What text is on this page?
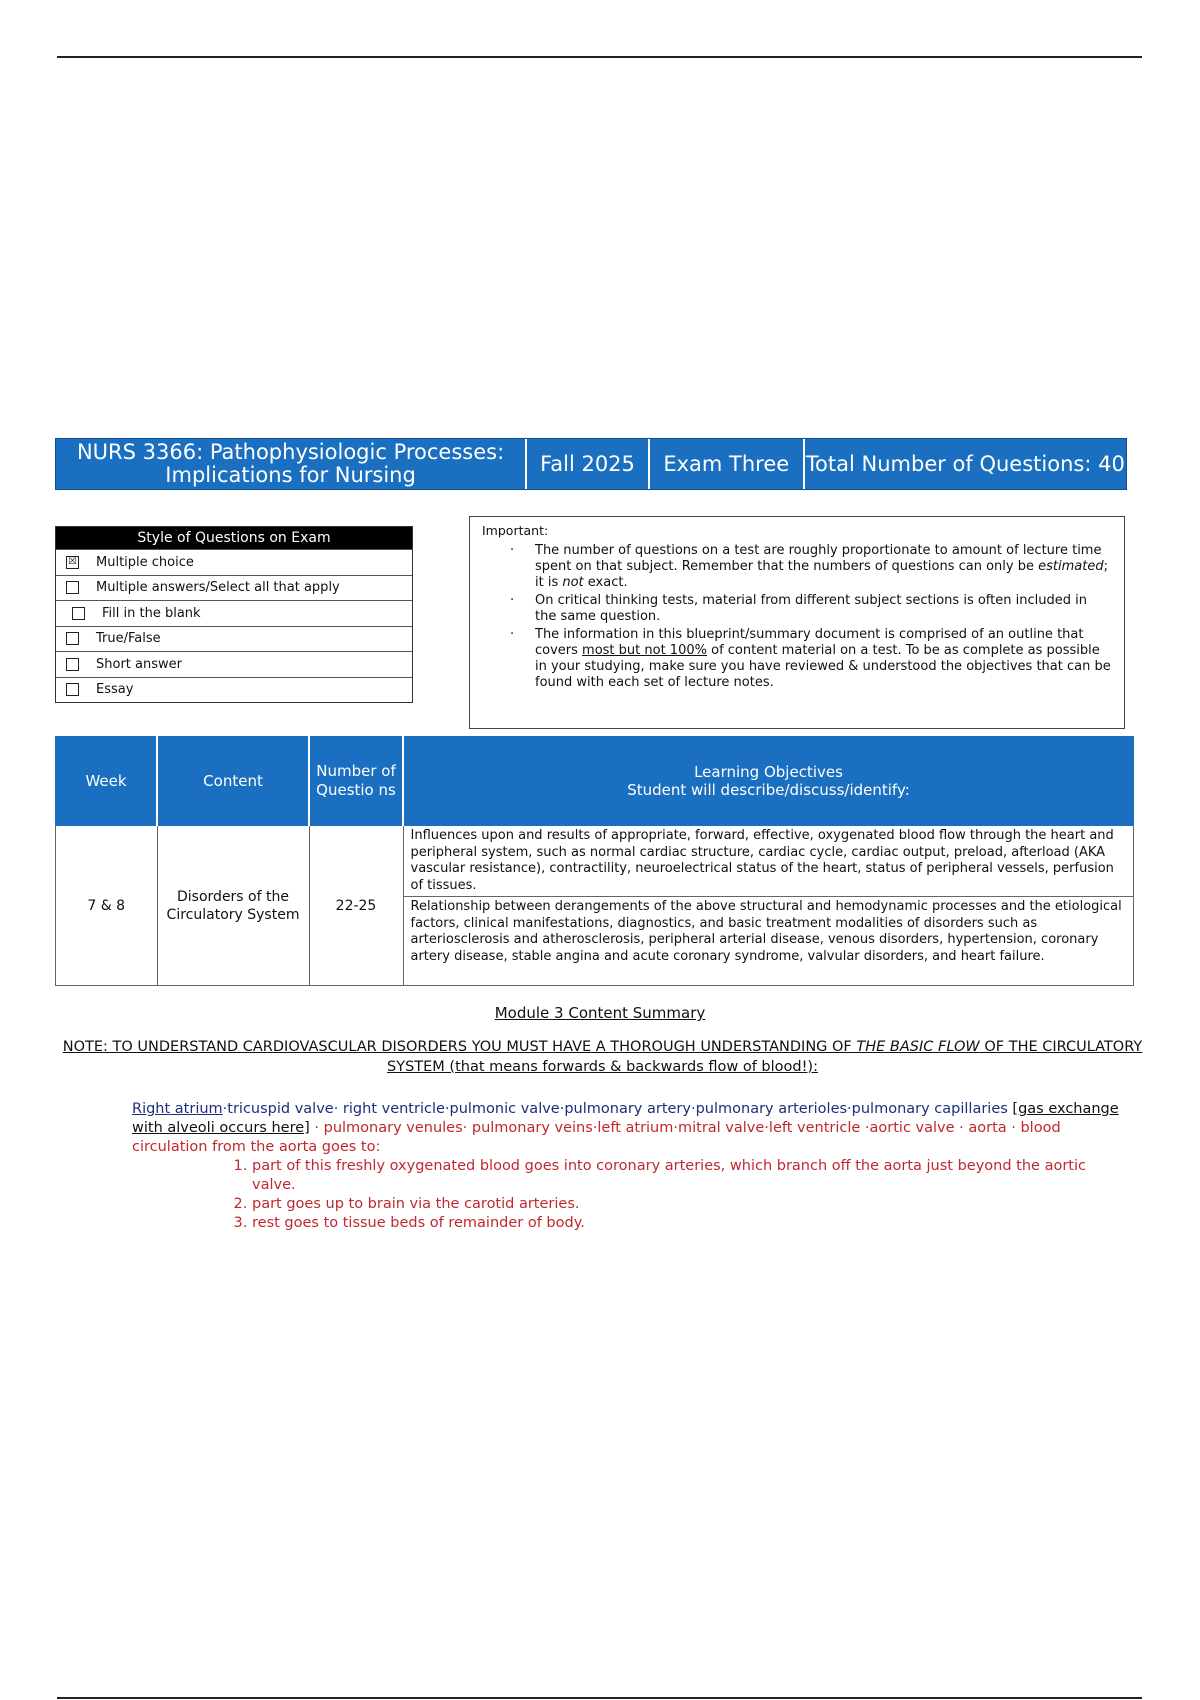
NURS 3366: Pathophysiologic Processes: Implications for Nursing	Fall 2025	Exam Three Total Number of Questions: 40
Style of Questions on Exam
☒ Multiple choice
Multiple answers/Select all that apply
Fill in the blank
True/False
Short answer
Essay
Important:
· The number of questions on a test are roughly proportionate to amount of lecture time spent on that subject. Remember that the numbers of questions can only be estimated; it is not exact.
· On critical thinking tests, material from different subject sections is often included in the same question.
· The information in this blueprint/summary document is comprised of an outline that covers most but not 100% of content material on a test. To be as complete as possible in your studying, make sure you have reviewed & understood the objectives that can be found with each set of lecture notes.
Week	Content	Number of Questio ns	Learning Objectives
Student will describe/discuss/identify:

7 & 8	Disorders of the Circulatory System	22-25	Influences upon and results of appropriate, forward, effective, oxygenated blood flow through the heart and peripheral system, such as normal cardiac structure, cardiac cycle, cardiac output, preload, afterload (AKA vascular resistance), contractility, neuroelectrical status of the heart, status of peripheral vessels, perfusion of tissues.
			Relationship between derangements of the above structural and hemodynamic processes and the etiological factors, clinical manifestations, diagnostics, and basic treatment modalities of disorders such as arteriosclerosis and atherosclerosis, peripheral arterial disease, venous disorders, hypertension, coronary artery disease, stable angina and acute coronary syndrome, valvular disorders, and heart failure.
Module 3 Content Summary
NOTE: TO UNDERSTAND CARDIOVASCULAR DISORDERS YOU MUST HAVE A THOROUGH UNDERSTANDING OF THE BASIC FLOW OF THE CIRCULATORY SYSTEM (that means forwards & backwards flow of blood!):
Right atrium·tricuspid valve· right ventricle·pulmonic valve·pulmonary artery·pulmonary arterioles·pulmonary capillaries [gas exchange with alveoli occurs here] · pulmonary venules· pulmonary veins·left atrium·mitral valve·left ventricle ·aortic valve · aorta · blood circulation from the aorta goes to:
1. part of this freshly oxygenated blood goes into coronary arteries, which branch off the aorta just beyond the aortic valve.
2. part goes up to brain via the carotid arteries.
3. rest goes to tissue beds of remainder of body.
